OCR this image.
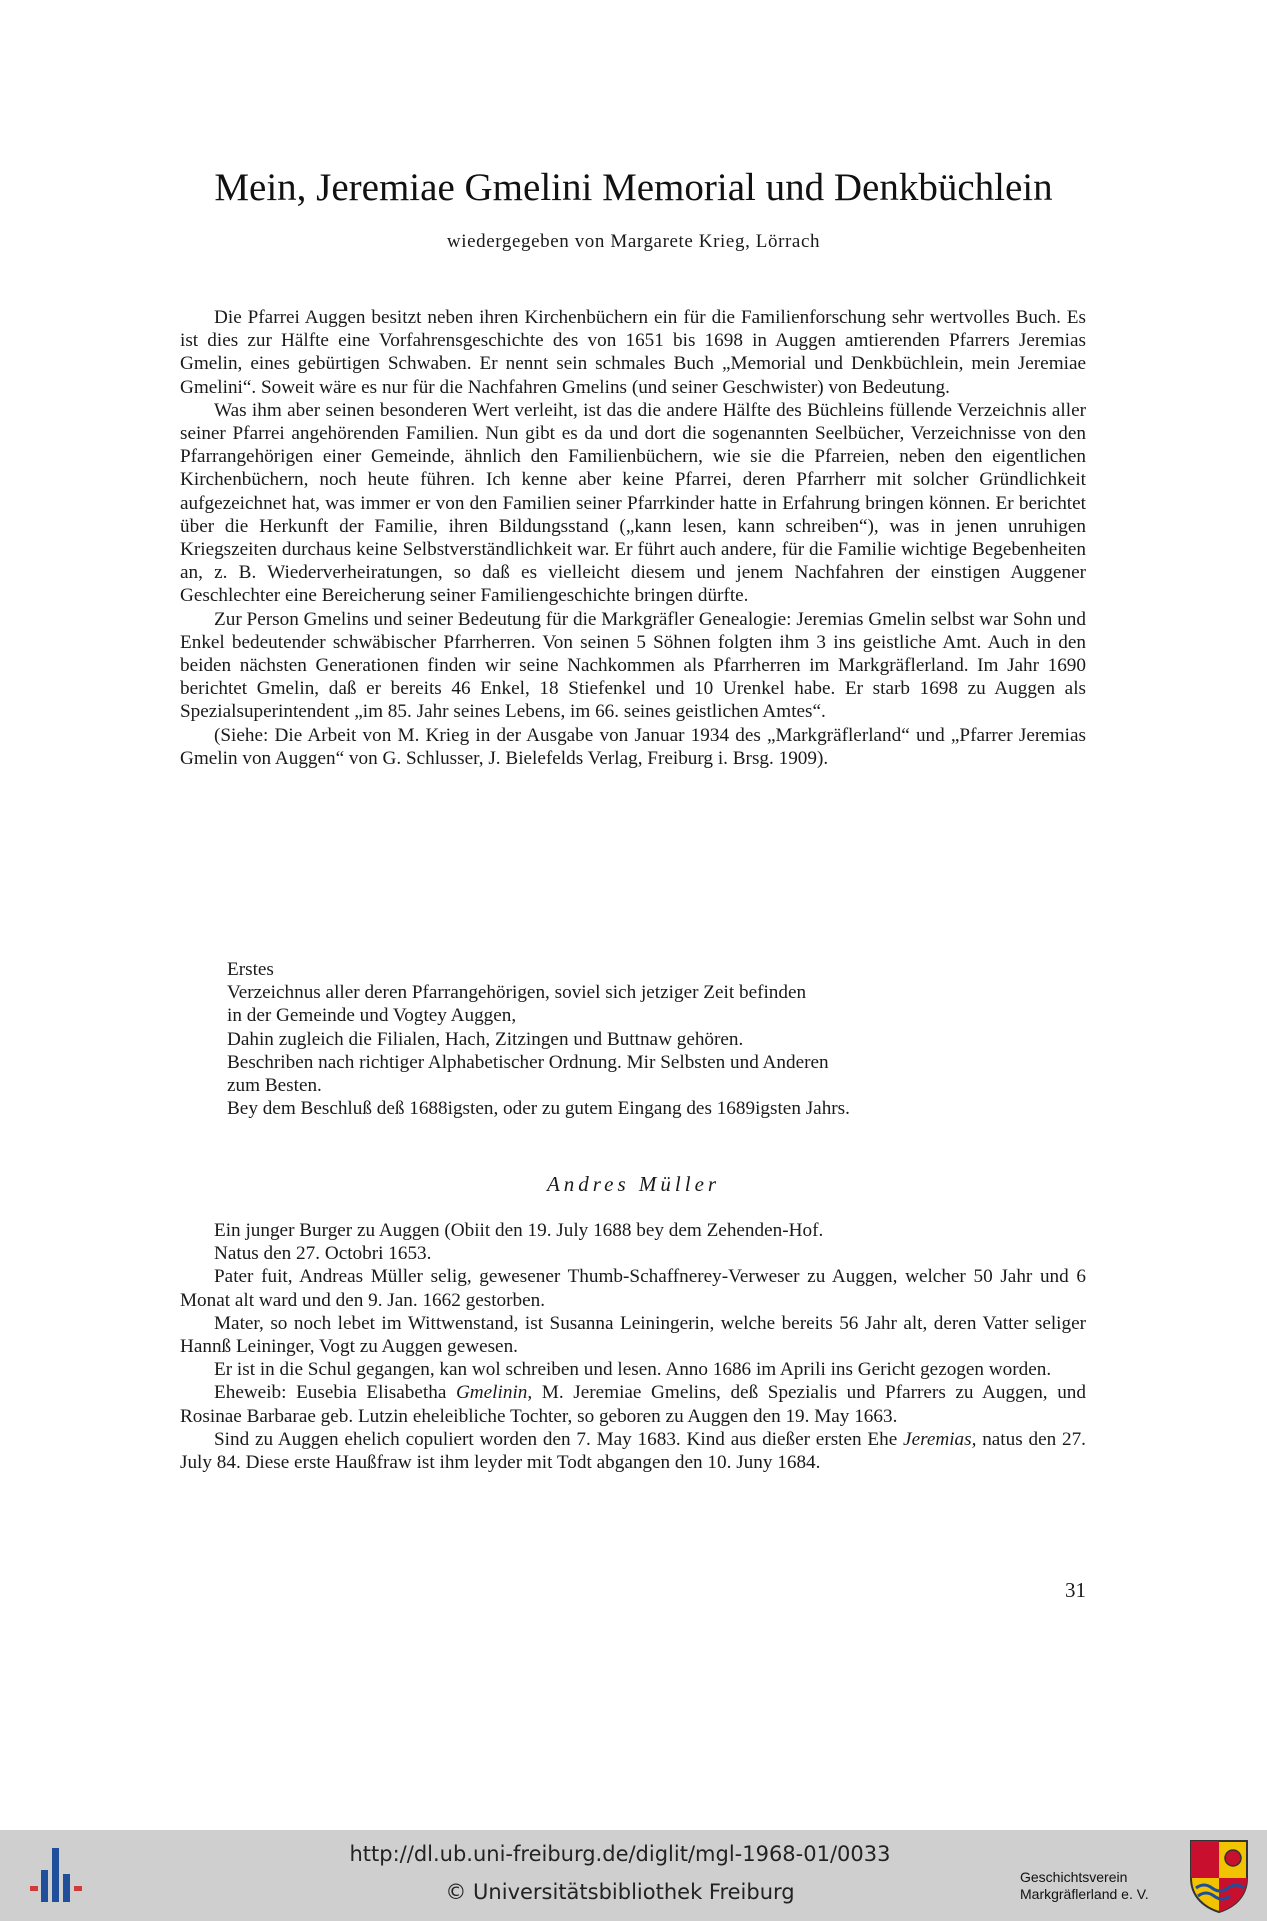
Mein, Jeremiae Gmelini Memorial und Denkbüchlein
wiedergegeben von Margarete Krieg, Lörrach

Die Pfarrei Auggen besitzt neben ihren Kirchenbüchern ein für die Familienforschung sehr wertvolles Buch. Es ist dies zur Hälfte eine Vorfahrensgeschichte des von 1651 bis 1698 in Auggen amtierenden Pfarrers Jeremias Gmelin, eines gebürtigen Schwaben. Er nennt sein schmales Buch „Memorial und Denkbüchlein, mein Jeremiae Gmelini“. Soweit wäre es nur für die Nachfahren Gmelins (und seiner Geschwister) von Bedeutung.

Was ihm aber seinen besonderen Wert verleiht, ist das die andere Hälfte des Büchleins füllende Verzeichnis aller seiner Pfarrei angehörenden Familien. Nun gibt es da und dort die sogenannten Seelbücher, Verzeichnisse von den Pfarrangehörigen einer Gemeinde, ähnlich den Familienbüchern, wie sie die Pfarreien, neben den eigentlichen Kirchenbüchern, noch heute führen. Ich kenne aber keine Pfarrei, deren Pfarrherr mit solcher Gründlichkeit aufgezeichnet hat, was immer er von den Familien seiner Pfarrkinder hatte in Erfahrung bringen können. Er berichtet über die Herkunft der Familie, ihren Bildungsstand („kann lesen, kann schreiben“), was in jenen unruhigen Kriegszeiten durchaus keine Selbstverständlichkeit war. Er führt auch andere, für die Familie wichtige Begebenheiten an, z. B. Wiederverheiratungen, so daß es vielleicht diesem und jenem Nachfahren der einstigen Auggener Geschlechter eine Bereicherung seiner Familiengeschichte bringen dürfte.

Zur Person Gmelins und seiner Bedeutung für die Markgräfler Genealogie: Jeremias Gmelin selbst war Sohn und Enkel bedeutender schwäbischer Pfarrherren. Von seinen 5 Söhnen folgten ihm 3 ins geistliche Amt. Auch in den beiden nächsten Generationen finden wir seine Nachkommen als Pfarrherren im Markgräflerland. Im Jahr 1690 berichtet Gmelin, daß er bereits 46 Enkel, 18 Stiefenkel und 10 Urenkel habe. Er starb 1698 zu Auggen als Spezialsuperintendent „im 85. Jahr seines Lebens, im 66. seines geistlichen Amtes“.

(Siehe: Die Arbeit von M. Krieg in der Ausgabe von Januar 1934 des „Markgräflerland“ und „Pfarrer Jeremias Gmelin von Auggen“ von G. Schlusser, J. Bielefelds Verlag, Freiburg i. Brsg. 1909).

Erstes
Verzeichnus aller deren Pfarrangehörigen, soviel sich jetziger Zeit befinden
in der Gemeinde und Vogtey Auggen,
Dahin zugleich die Filialen, Hach, Zitzingen und Buttnaw gehören.
Beschriben nach richtiger Alphabetischer Ordnung. Mir Selbsten und Anderen
zum Besten.
Bey dem Beschluß deß 1688igsten, oder zu gutem Eingang des 1689igsten Jahrs.
Andres Müller

Ein junger Burger zu Auggen (Obiit den 19. July 1688 bey dem Zehenden-Hof.

Natus den 27. Octobri 1653.

Pater fuit, Andreas Müller selig, gewesener Thumb-Schaffnerey-Verweser zu Auggen, welcher 50 Jahr und 6 Monat alt ward und den 9. Jan. 1662 gestorben.

Mater, so noch lebet im Wittwenstand, ist Susanna Leiningerin, welche bereits 56 Jahr alt, deren Vatter seliger Hannß Leininger, Vogt zu Auggen gewesen.

Er ist in die Schul gegangen, kan wol schreiben und lesen. Anno 1686 im Aprili ins Gericht gezogen worden.

Eheweib: Eusebia Elisabetha Gmelinin, M. Jeremiae Gmelins, deß Spezialis und Pfarrers zu Auggen, und Rosinae Barbarae geb. Lutzin eheleibliche Tochter, so geboren zu Auggen den 19. May 1663.

Sind zu Auggen ehelich copuliert worden den 7. May 1683. Kind aus dießer ersten Ehe Jeremias, natus den 27. July 84. Diese erste Haußfraw ist ihm leyder mit Todt abgangen den 10. Juny 1684.

31
http://dl.ub.uni-freiburg.de/diglit/mgl-1968-01/0033
© Universitätsbibliothek Freiburg
Geschichtsverein
Markgräflerland e. V.
